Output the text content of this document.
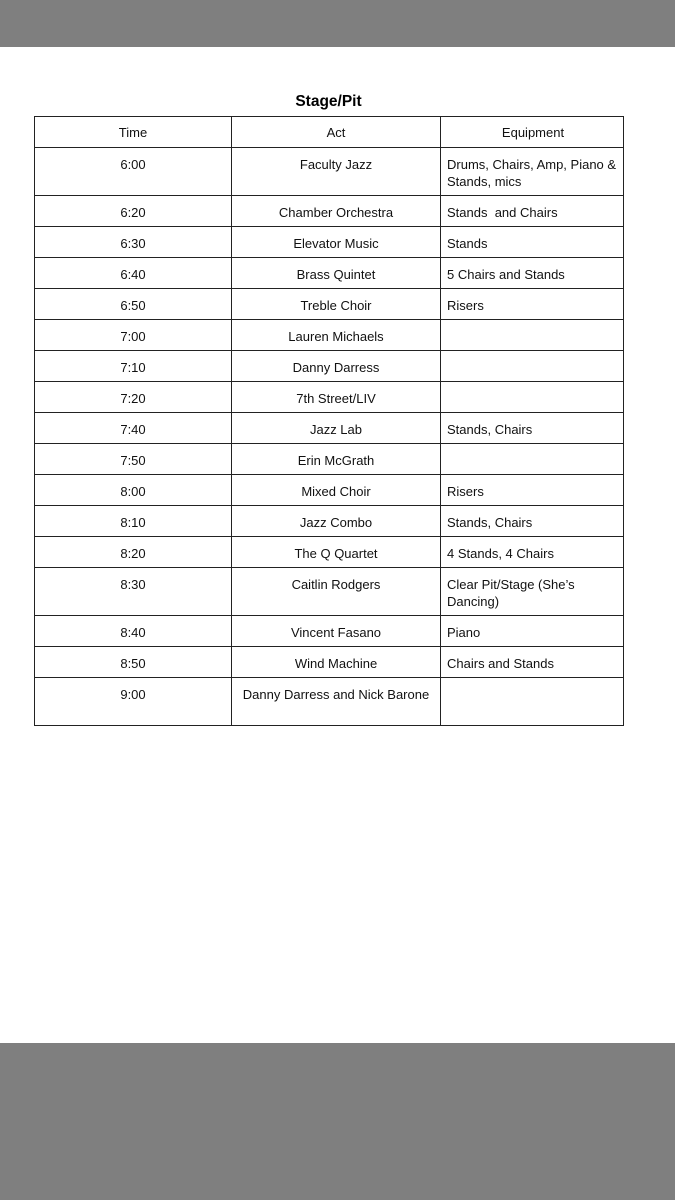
Stage/Pit
Time	Act	Equipment
6:00	Faculty Jazz	Drums, Chairs, Amp, Piano & Stands, mics
6:20	Chamber Orchestra	Stands  and Chairs
6:30	Elevator Music	Stands
6:40	Brass Quintet	5 Chairs and Stands
6:50	Treble Choir	Risers
7:00	Lauren Michaels	
7:10	Danny Darress	
7:20	7th Street/LIV	
7:40	Jazz Lab	Stands, Chairs
7:50	Erin McGrath	
8:00	Mixed Choir	Risers
8:10	Jazz Combo	Stands, Chairs
8:20	The Q Quartet	4 Stands, 4 Chairs
8:30	Caitlin Rodgers	Clear Pit/Stage (She’s Dancing)
8:40	Vincent Fasano	Piano
8:50	Wind Machine	Chairs and Stands
9:00	Danny Darress and Nick Barone	
